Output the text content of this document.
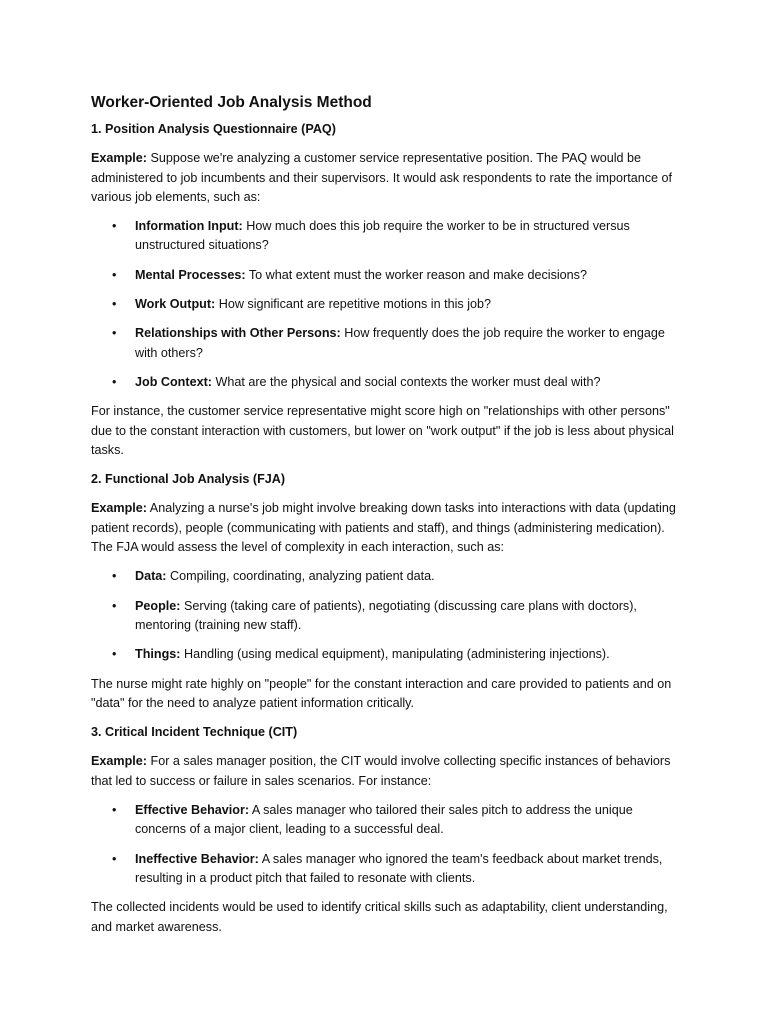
Worker-Oriented Job Analysis Method
1. Position Analysis Questionnaire (PAQ)

Example: Suppose we're analyzing a customer service representative position. The PAQ would be administered to job incumbents and their supervisors. It would ask respondents to rate the importance of various job elements, such as:

• Information Input: How much does this job require the worker to be in structured versus unstructured situations?
• Mental Processes: To what extent must the worker reason and make decisions?
• Work Output: How significant are repetitive motions in this job?
• Relationships with Other Persons: How frequently does the job require the worker to engage with others?
• Job Context: What are the physical and social contexts the worker must deal with?

For instance, the customer service representative might score high on "relationships with other persons" due to the constant interaction with customers, but lower on "work output" if the job is less about physical tasks.

2. Functional Job Analysis (FJA)

Example: Analyzing a nurse's job might involve breaking down tasks into interactions with data (updating patient records), people (communicating with patients and staff), and things (administering medication). The FJA would assess the level of complexity in each interaction, such as:

• Data: Compiling, coordinating, analyzing patient data.
• People: Serving (taking care of patients), negotiating (discussing care plans with doctors), mentoring (training new staff).
• Things: Handling (using medical equipment), manipulating (administering injections).

The nurse might rate highly on "people" for the constant interaction and care provided to patients and on "data" for the need to analyze patient information critically.

3. Critical Incident Technique (CIT)

Example: For a sales manager position, the CIT would involve collecting specific instances of behaviors that led to success or failure in sales scenarios. For instance:

• Effective Behavior: A sales manager who tailored their sales pitch to address the unique concerns of a major client, leading to a successful deal.
• Ineffective Behavior: A sales manager who ignored the team's feedback about market trends, resulting in a product pitch that failed to resonate with clients.

The collected incidents would be used to identify critical skills such as adaptability, client understanding, and market awareness.
